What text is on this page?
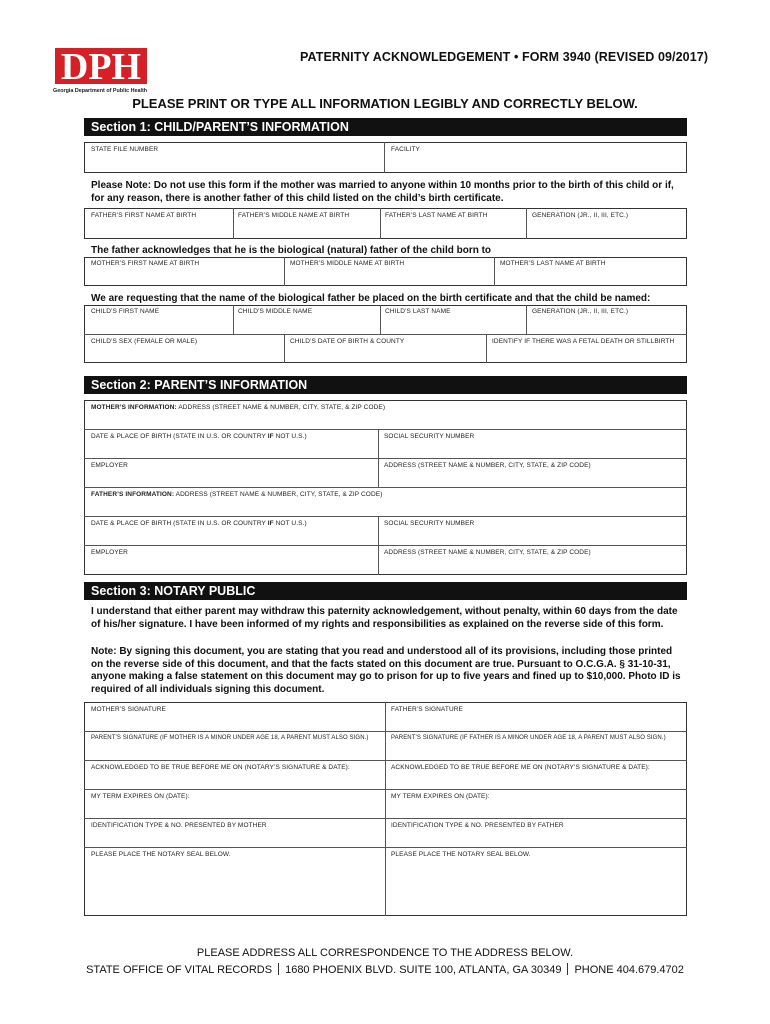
DPH
Georgia Department of Public Health
PATERNITY ACKNOWLEDGEMENT • FORM 3940 (REVISED 09/2017)
PLEASE PRINT OR TYPE ALL INFORMATION LEGIBLY AND CORRECTLY BELOW.
Section 1: CHILD/PARENT’S INFORMATION
STATE FILE NUMBER	FACILITY
Please Note: Do not use this form if the mother was married to anyone within 10 months prior to the birth of this child or if, for any reason, there is another father of this child listed on the child’s birth certificate.
FATHER’S FIRST NAME AT BIRTH	FATHER’S MIDDLE NAME AT BIRTH	FATHER’S LAST NAME AT BIRTH	GENERATION (JR., II, III, ETC.)
The father acknowledges that he is the biological (natural) father of the child born to
MOTHER’S FIRST NAME AT BIRTH	MOTHER’S MIDDLE NAME AT BIRTH	MOTHER’S LAST NAME AT BIRTH
We are requesting that the name of the biological father be placed on the birth certificate and that the child be named:
CHILD’S FIRST NAME	CHILD’S MIDDLE NAME	CHILD’S LAST NAME	GENERATION (JR., II, III, ETC.)
CHILD’S SEX (FEMALE OR MALE)	CHILD’S DATE OF BIRTH & COUNTY	IDENTIFY IF THERE WAS A FETAL DEATH OR STILLBIRTH
Section 2: PARENT’S INFORMATION
MOTHER’S INFORMATION: ADDRESS (STREET NAME & NUMBER, CITY, STATE, & ZIP CODE)
DATE & PLACE OF BIRTH (STATE IN U.S. OR COUNTRY IF NOT U.S.)	SOCIAL SECURITY NUMBER
EMPLOYER	ADDRESS (STREET NAME & NUMBER, CITY, STATE, & ZIP CODE)
FATHER’S INFORMATION: ADDRESS (STREET NAME & NUMBER, CITY, STATE, & ZIP CODE)
DATE & PLACE OF BIRTH (STATE IN U.S. OR COUNTRY IF NOT U.S.)	SOCIAL SECURITY NUMBER
EMPLOYER	ADDRESS (STREET NAME & NUMBER, CITY, STATE, & ZIP CODE)
Section 3: NOTARY PUBLIC
I understand that either parent may withdraw this paternity acknowledgement, without penalty, within 60 days from the date of his/her signature. I have been informed of my rights and responsibilities as explained on the reverse side of this form.
Note: By signing this document, you are stating that you read and understood all of its provisions, including those printed on the reverse side of this document, and that the facts stated on this document are true. Pursuant to O.C.G.A. § 31-10-31, anyone making a false statement on this document may go to prison for up to five years and fined up to $10,000. Photo ID is required of all individuals signing this document.
MOTHER’S SIGNATURE	FATHER’S SIGNATURE
PARENT’S SIGNATURE (IF MOTHER IS A MINOR UNDER AGE 18, A PARENT MUST ALSO SIGN.)	PARENT’S SIGNATURE (IF FATHER IS A MINOR UNDER AGE 18, A PARENT MUST ALSO SIGN.)
ACKNOWLEDGED TO BE TRUE BEFORE ME ON (NOTARY’S SIGNATURE & DATE):	ACKNOWLEDGED TO BE TRUE BEFORE ME ON (NOTARY’S SIGNATURE & DATE):
MY TERM EXPIRES ON (DATE):	MY TERM EXPIRES ON (DATE):
IDENTIFICATION TYPE & NO. PRESENTED BY MOTHER	IDENTIFICATION TYPE & NO. PRESENTED BY FATHER
PLEASE PLACE THE NOTARY SEAL BELOW.	PLEASE PLACE THE NOTARY SEAL BELOW.
PLEASE ADDRESS ALL CORRESPONDENCE TO THE ADDRESS BELOW.
STATE OFFICE OF VITAL RECORDS 1680 PHOENIX BLVD. SUITE 100, ATLANTA, GA 30349 PHONE 404.679.4702
